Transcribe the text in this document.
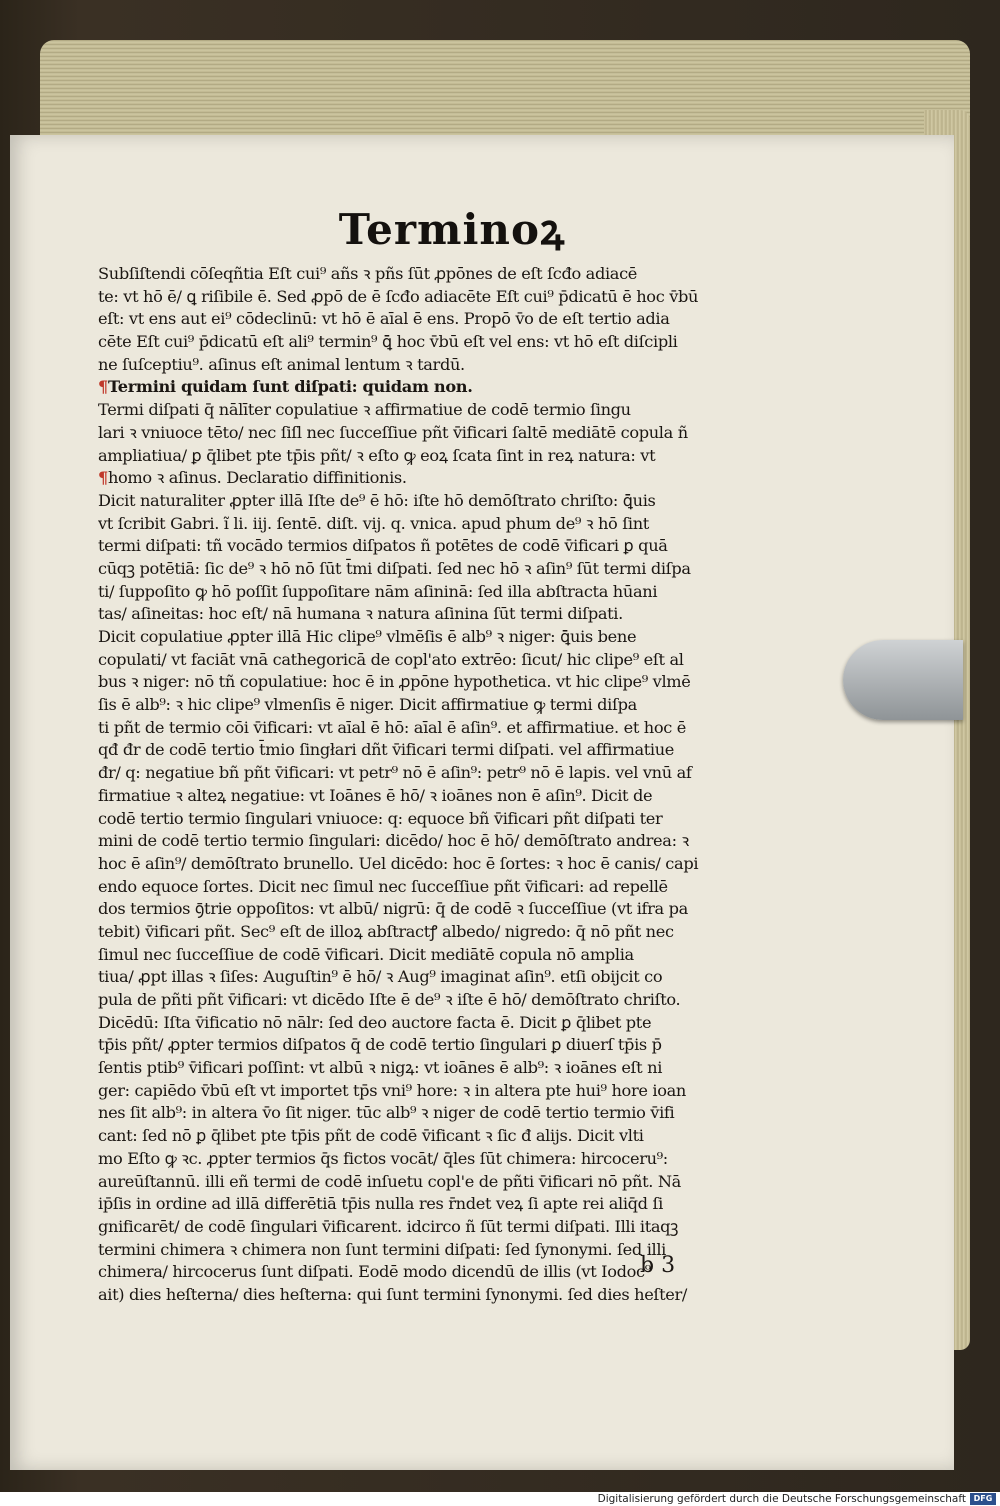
Terminoꝝ
Subſiſtendi cōſeqñtia Eſt cui⁹ añs ꝛ pñs ſūt ꝓpōnes de eſt ſcđo adiacē
te: vt hō ē/ ꝗ riſibile ē. Sed ꝓpō de ē ſcđo adiacēte Eſt cui⁹ p̄dicatū ē hoc v̄bū
eſt: vt ens aut ei⁹ cōdeclinū: vt hō ē aīal ē ens. Propō v̄o de eſt tertio adia
cēte Eſt cui⁹ p̄dicatū eſt ali⁹ termin⁹ ꝗ̄ hoc v̄bū eſt vel ens: vt hō eſt diſcipli
ne ſuſceptiu⁹. aſinus eſt animal lentum ꝛ tardū.
¶Termini quidam ſunt diſpati: quidam non.
Termi diſpati q̄ nālīter copulatiue ꝛ affirmatiue de codē termio ſingu
lari ꝛ vniuoce tēto/ nec ſiſl nec ſucceſſiue pñt v̄ificari ſaltē mediātē copula ñ
ampliatiua/ ꝑ q̄libet pte tp̄is pñt/ ꝛ eſto ꝙ eoꝝ ſcata ſint in reꝝ natura: vt
¶homo ꝛ aſinus. Declaratio diffinitionis.
Dicit naturaliter ꝓpter illā Iſte de⁹ ē hō: iſte hō demōſtrato chriſto: ꝗ̄uis
vt ſcribit Gabri. ĩ li. iij. ſentē. diſt. vij. q. vnica. apud phum de⁹ ꝛ hō ſint
termi diſpati: tñ vocādo termios diſpatos ñ potētes de codē v̄ificari ꝑ quā
cūqꝫ potētiā: ſic de⁹ ꝛ hō nō ſūt t̄mi diſpati. ſed nec hō ꝛ aſin⁹ ſūt termi diſpa
ti/ ſuppoſito ꝙ hō poſſit ſuppoſitare nām aſininā: ſed illa abſtracta hūani
tas/ aſineitas: hoc eſt/ nā humana ꝛ natura aſinina ſūt termi diſpati.
Dicit copulatiue ꝓpter illā Hic clipe⁹ vlmēſis ē alb⁹ ꝛ niger: ꝗ̄uis bene
copulati/ vt faciāt vnā cathegoricā de copl'ato extrēo: ſicut/ hic clipe⁹ eſt al
bus ꝛ niger: nō tñ copulatiue: hoc ē in ꝓpōne hypothetica. vt hic clipe⁹ vlmē
ſis ē alb⁹: ꝛ hic clipe⁹ vlmenſis ē niger. Dicit affirmatiue ꝙ termi diſpa
ti pñt de termio cōi v̄ificari: vt aīal ē hō: aīal ē aſin⁹. et affirmatiue. et hoc ē
qđ đr de codē tertio t̄mio ſingłari dñt v̄ificari termi diſpati. vel affirmatiue
đr/ q: negatiue bñ pñt v̄ificari: vt petr⁹ nō ē aſin⁹: petr⁹ nō ē lapis. vel vnū af
firmatiue ꝛ alteꝝ negatiue: vt Ioānes ē hō/ ꝛ ioānes non ē aſin⁹. Dicit de
codē tertio termio ſingulari vniuoce: q: equoce bñ v̄ificari pñt diſpati ter
mini de codē tertio termio ſingulari: dicēdo/ hoc ē hō/ demōſtrato andrea: ꝛ
hoc ē aſin⁹/ demōſtrato brunello. Uel dicēdo: hoc ē ſortes: ꝛ hoc ē canis/ capi
endo equoce ſortes. Dicit nec ſimul nec ſucceſſiue pñt v̄ificari: ad repellē
dos termios ꝯ̄trie oppoſitos: vt albū/ nigrū: q̄ de codē ꝛ ſucceſſiue (vt ifra pa
tebit) v̄ificari pñt. Sec⁹ eſt de illoꝝ abſtractꝭ albedo/ nigredo: q̄ nō pñt nec
ſimul nec ſucceſſiue de codē v̄ificari. Dicit mediātē copula nō amplia
tiua/ ꝓpt illas ꝛ ſiſes: Auguſtin⁹ ē hō/ ꝛ Aug⁹ imaginat aſin⁹. etſi obijcit co
pula de pñti pñt v̄ificari: vt dicēdo Iſte ē de⁹ ꝛ iſte ē hō/ demōſtrato chriſto.
Dicēdū: Iſta v̄ificatio nō nālr: ſed deo auctore facta ē. Dicit ꝑ q̄libet pte
tp̄is pñt/ ꝓpter termios diſpatos q̄ de codē tertio ſingulari ꝑ diuerſ tp̄is p̄
ſentis ptib⁹ v̄ificari poſſint: vt albū ꝛ nigꝝ: vt ioānes ē alb⁹: ꝛ ioānes eſt ni
ger: capiēdo v̄bū eſt vt importet tp̄s vni⁹ hore: ꝛ in altera pte hui⁹ hore ioan
nes ſit alb⁹: in altera v̄o ſit niger. tūc alb⁹ ꝛ niger de codē tertio termio v̄ifi
cant: ſed nō ꝑ q̄libet pte tp̄is pñt de codē v̄ificant ꝛ ſic đ alijs. Dicit vlti
mo Eſto ꝙ ꝛc. ꝓpter termios q̄s fictos vocāt/ q̄les ſūt chimera: hircoceru⁹:
aureūſtannū. illi eñ termi de codē inſuetu copl'e de pñti v̄ificari nō pñt. Nā
ip̄ſis in ordine ad illā differētiā tp̄is nulla res r̄ndet veꝝ ſi apte rei aliq̄d ſi
gnificarēt/ de codē ſingulari v̄ificarent. idcirco ñ ſūt termi diſpati. Illi itaqꝫ
termini chimera ꝛ chimera non ſunt termini diſpati: ſed ſynonymi. ſed illi
chimera/ hircocerus ſunt diſpati. Eodē modo dicendū de illis (vt Iodoc⁹
ait) dies heſterna/ dies heſterna: qui ſunt termini ſynonymi. ſed dies heſter/
b 3
Digitalisierung gefördert durch die Deutsche Forschungsgemeinschaft DFG
